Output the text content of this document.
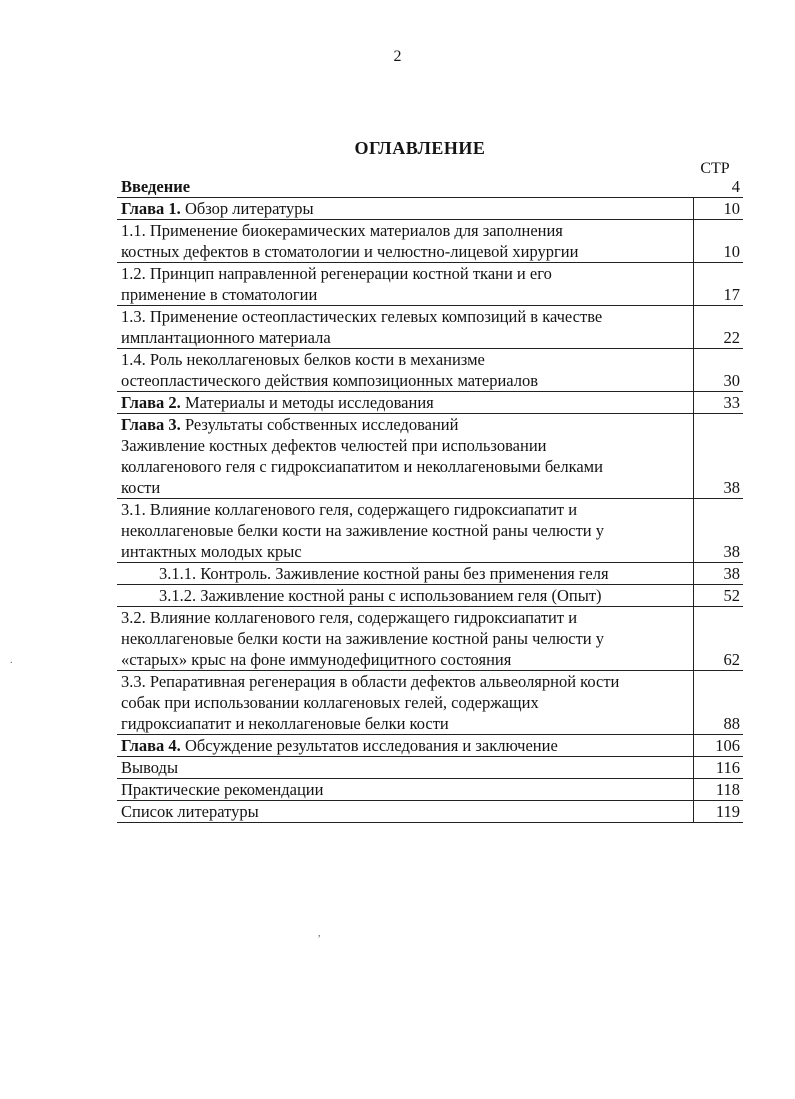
2
ОГЛАВЛЕНИЕ
СТР
Введение	4

Глава 1. Обзор литературы	10

1.1. Применение биокерамических материалов для заполнения
костных дефектов в стоматологии и челюстно-лицевой хирургии	10

1.2. Принцип направленной регенерации костной ткани и его
применение в стоматологии	17

1.3. Применение остеопластических гелевых композиций в качестве
имплантационного материала	22

1.4. Роль неколлагеновых белков кости в механизме
остеопластического действия композиционных материалов	30

Глава 2. Материалы и методы исследования	33

Глава 3. Результаты собственных исследований
Заживление костных дефектов челюстей при использовании
коллагенового геля с гидроксиапатитом и неколлагеновыми белками
кости	38

3.1. Влияние коллагенового геля, содержащего гидроксиапатит и
неколлагеновые белки кости на заживление костной раны челюсти у
интактных молодых крыс	38

3.1.1. Контроль. Заживление костной раны без применения геля	38

3.1.2. Заживление костной раны с использованием геля (Опыт)	52

3.2. Влияние коллагенового геля, содержащего гидроксиапатит и
неколлагеновые белки кости на заживление костной раны челюсти у
«старых» крыс на фоне иммунодефицитного состояния	62

3.3. Репаративная регенерация в области дефектов альвеолярной кости
собак при использовании коллагеновых гелей, содержащих
гидроксиапатит и неколлагеновые белки кости	88

Глава 4. Обсуждение результатов исследования и заключение	106

Выводы	116

Практические рекомендации	118

Список литературы	119
.
,
